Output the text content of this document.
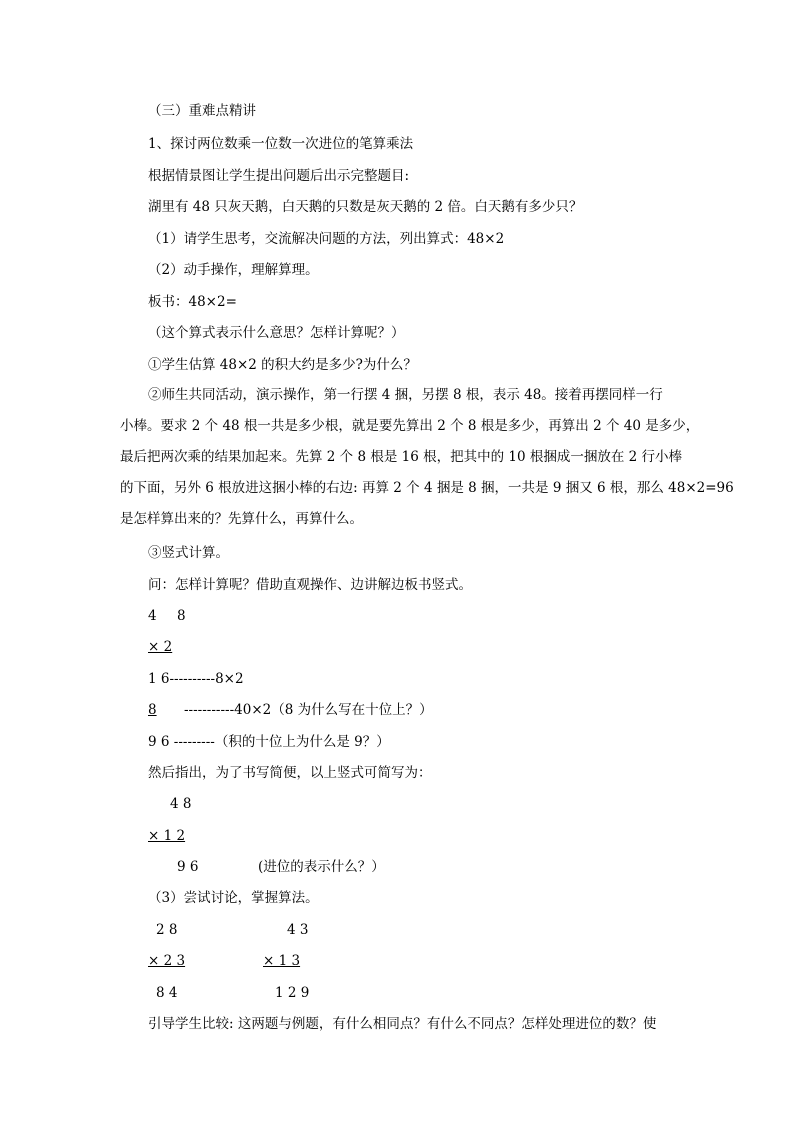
（三）重难点精讲
1、探讨两位数乘一位数一次进位的笔算乘法
根据情景图让学生提出问题后出示完整题目:
湖里有 48 只灰天鹅，白天鹅的只数是灰天鹅的 2 倍。白天鹅有多少只？
（1）请学生思考，交流解决问题的方法，列出算式：48×2
（2）动手操作，理解算理。
板书：48×2=
（这个算式表示什么意思？怎样计算呢？）
①学生估算 48×2 的积大约是多少?为什么？
②师生共同活动，演示操作，第一行摆 4 捆，另摆 8 根，表示 48。接着再摆同样一行
小棒。要求 2 个 48 根一共是多少根，就是要先算出 2 个 8 根是多少，再算出 2 个 40 是多少，
最后把两次乘的结果加起来。先算 2 个 8 根是 16 根，把其中的 10 根捆成一捆放在 2 行小棒
的下面，另外 6 根放进这捆小棒的右边: 再算 2 个 4 捆是 8 捆，一共是 9 捆又 6 根，那么 48×2=96
是怎样算出来的？先算什么，再算什么。
③竖式计算。
问：怎样计算呢？借助直观操作、边讲解边板书竖式。
4 8
× 2
1 6----------8×2
8	-----------40×2（8 为什么写在十位上？）
9 6 ---------（积的十位上为什么是 9？）
然后指出，为了书写简便，以上竖式可简写为：
4 8
× 1 2
9 6	(进位的表示什么？）
（3）尝试讨论，掌握算法。
2 8	4 3
× 2 3	× 1 3
8 4	1 2 9
引导学生比较: 这两题与例题，有什么相同点？有什么不同点？怎样处理进位的数？使
